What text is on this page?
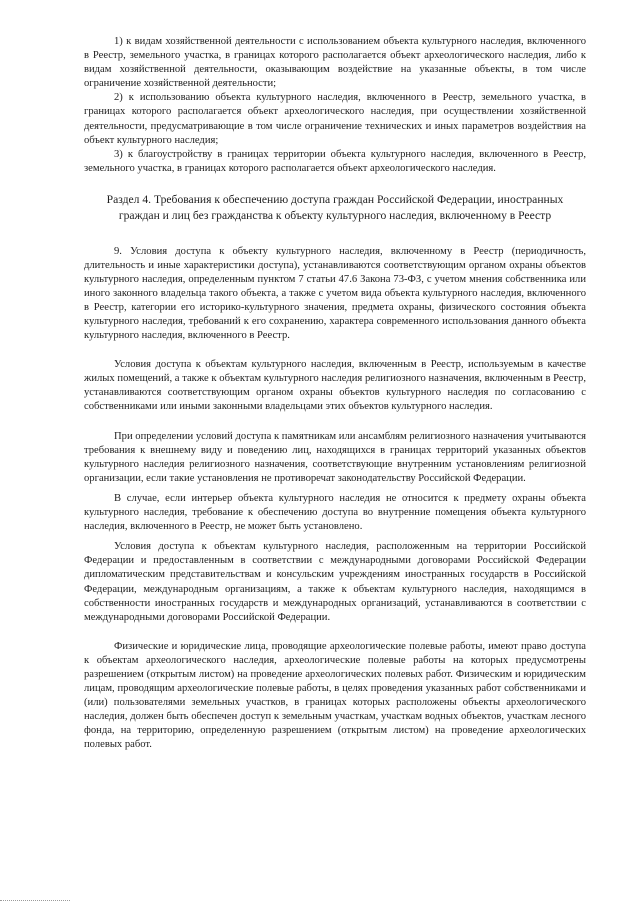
1) к видам хозяйственной деятельности с использованием объекта культурного наследия, включенного в Реестр, земельного участка, в границах которого располагается объект археологического наследия, либо к видам хозяйственной деятельности, оказывающим воздействие на указанные объекты, в том числе ограничение хозяйственной деятельности;

2) к использованию объекта культурного наследия, включенного в Реестр, земельного участка, в границах которого располагается объект археологического наследия, при осуществлении хозяйственной деятельности, предусматривающие в том числе ограничение технических и иных параметров воздействия на объект культурного наследия;

3) к благоустройству в границах территории объекта культурного наследия, включенного в Реестр, земельного участка, в границах которого располагается объект археологического наследия.

Раздел 4. Требования к обеспечению доступа граждан Российской Федерации, иностранных граждан и лиц без гражданства к объекту культурного наследия, включенному в Реестр

9. Условия доступа к объекту культурного наследия, включенному в Реестр (периодичность, длительность и иные характеристики доступа), устанавливаются соответствующим органом охраны объектов культурного наследия, определенным пунктом 7 статьи 47.6 Закона 73-ФЗ, с учетом мнения собственника или иного законного владельца такого объекта, а также с учетом вида объекта культурного наследия, включенного в Реестр, категории его историко-культурного значения, предмета охраны, физического состояния объекта культурного наследия, требований к его сохранению, характера современного использования данного объекта культурного наследия, включенного в Реестр.

Условия доступа к объектам культурного наследия, включенным в Реестр, используемым в качестве жилых помещений, а также к объектам культурного наследия религиозного назначения, включенным в Реестр, устанавливаются соответствующим органом охраны объектов культурного наследия по согласованию с собственниками или иными законными владельцами этих объектов культурного наследия.

При определении условий доступа к памятникам или ансамблям религиозного назначения учитываются требования к внешнему виду и поведению лиц, находящихся в границах территорий указанных объектов культурного наследия религиозного назначения, соответствующие внутренним установлениям религиозной организации, если такие установления не противоречат законодательству Российской Федерации.

В случае, если интерьер объекта культурного наследия не относится к предмету охраны объекта культурного наследия, требование к обеспечению доступа во внутренние помещения объекта культурного наследия, включенного в Реестр, не может быть установлено.

Условия доступа к объектам культурного наследия, расположенным на территории Российской Федерации и предоставленным в соответствии с международными договорами Российской Федерации дипломатическим представительствам и консульским учреждениям иностранных государств в Российской Федерации, международным организациям, а также к объектам культурного наследия, находящимся в собственности иностранных государств и международных организаций, устанавливаются в соответствии с международными договорами Российской Федерации.

Физические и юридические лица, проводящие археологические полевые работы, имеют право доступа к объектам археологического наследия, археологические полевые работы на которых предусмотрены разрешением (открытым листом) на проведение археологических полевых работ. Физическим и юридическим лицам, проводящим археологические полевые работы, в целях проведения указанных работ собственниками и (или) пользователями земельных участков, в границах которых расположены объекты археологического наследия, должен быть обеспечен доступ к земельным участкам, участкам водных объектов, участкам лесного фонда, на территорию, определенную разрешением (открытым листом) на проведение археологических полевых работ.
